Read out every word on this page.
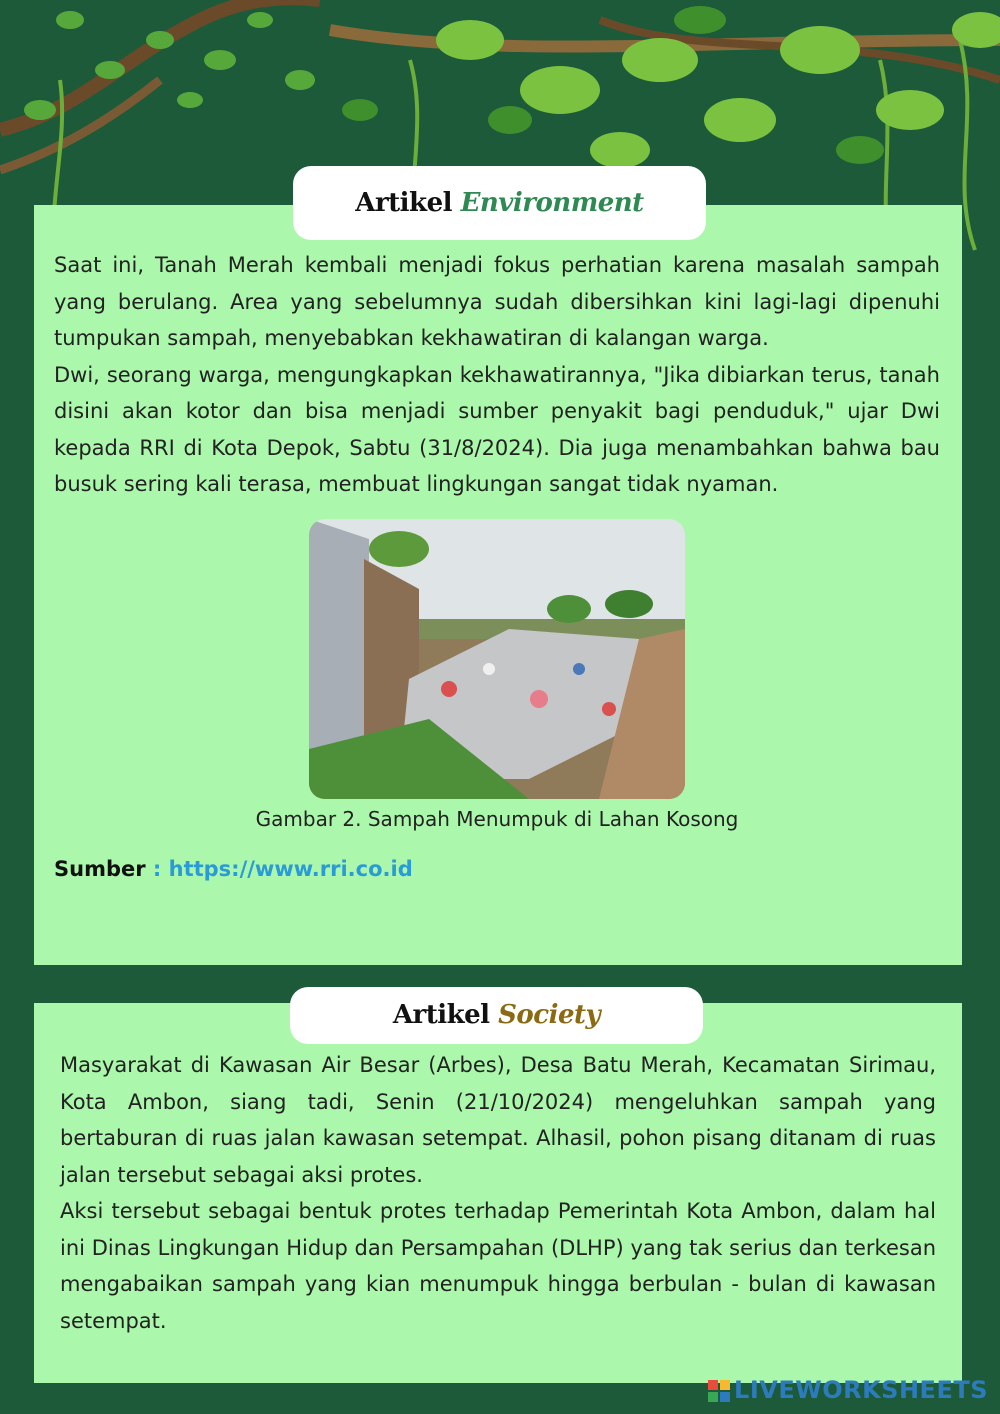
Saat ini, Tanah Merah kembali menjadi fokus perhatian karena masalah sampah yang berulang. Area yang sebelumnya sudah dibersihkan kini lagi-lagi dipenuhi tumpukan sampah, menyebabkan kekhawatiran di kalangan warga.

Dwi, seorang warga, mengungkapkan kekhawatirannya, "Jika dibiarkan terus, tanah disini akan kotor dan bisa menjadi sumber penyakit bagi penduduk," ujar Dwi kepada RRI di Kota Depok, Sabtu (31/8/2024). Dia juga menambahkan bahwa bau busuk sering kali terasa, membuat lingkungan sangat tidak nyaman.

Gambar 2. Sampah Menumpuk di Lahan Kosong
Sumber : https://www.rri.co.id
Artikel Environment

Masyarakat di Kawasan Air Besar (Arbes), Desa Batu Merah, Kecamatan Sirimau, Kota Ambon, siang tadi, Senin (21/10/2024) mengeluhkan sampah yang bertaburan di ruas jalan kawasan setempat. Alhasil, pohon pisang ditanam di ruas jalan tersebut sebagai aksi protes.

Aksi tersebut sebagai bentuk protes terhadap Pemerintah Kota Ambon, dalam hal ini Dinas Lingkungan Hidup dan Persampahan (DLHP) yang tak serius dan terkesan mengabaikan sampah yang kian menumpuk hingga berbulan - bulan di kawasan setempat.

Artikel Society
LIVEWORKSHEETS
